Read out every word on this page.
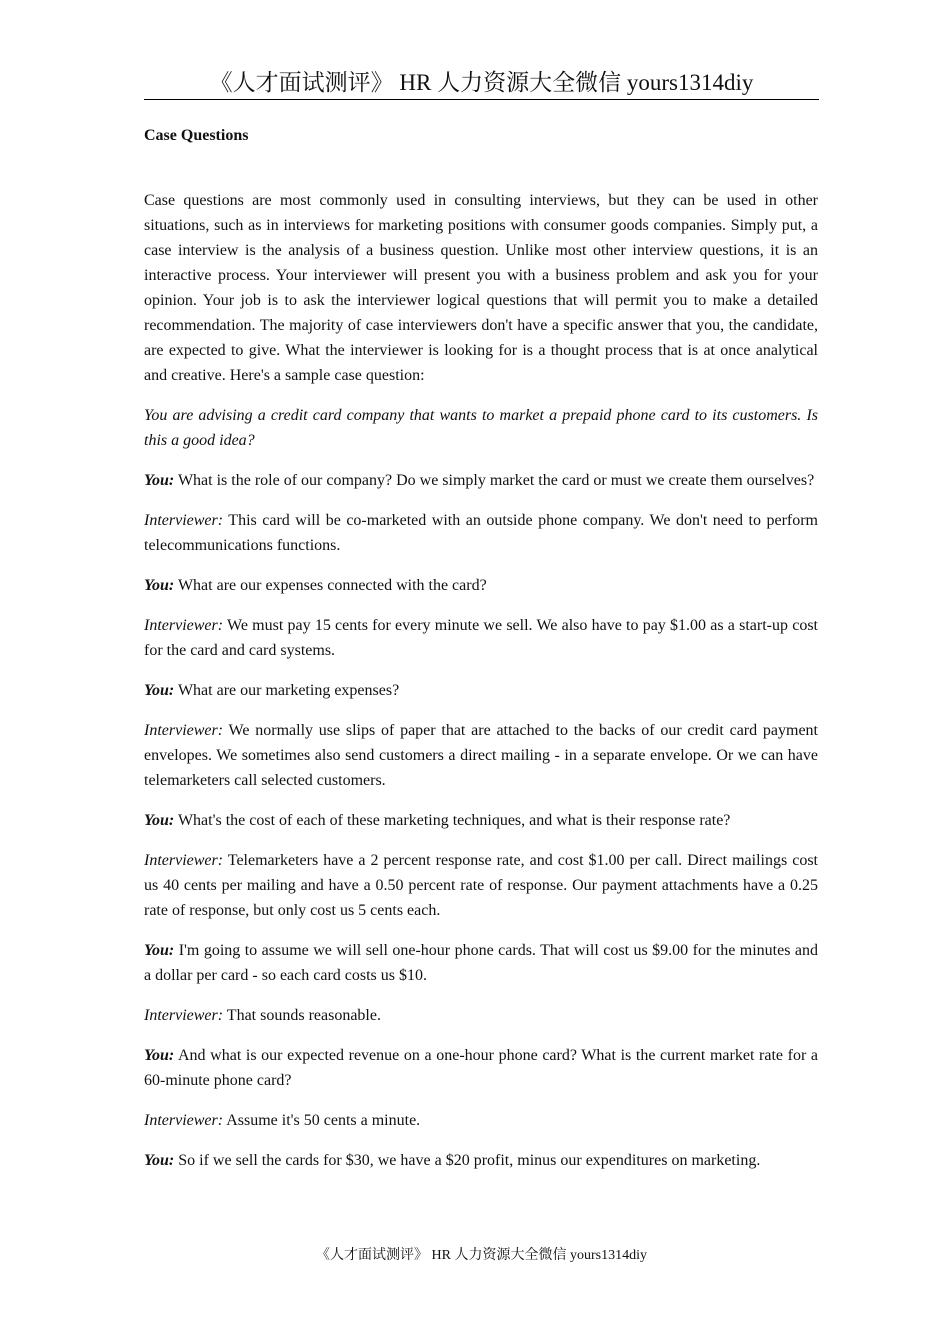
《人才面试测评》 HR 人力资源大全微信 yours1314diy

Case Questions

Case questions are most commonly used in consulting interviews, but they can be used in other situations, such as in interviews for marketing positions with consumer goods companies. Simply put, a case interview is the analysis of a business question. Unlike most other interview questions, it is an interactive process. Your interviewer will present you with a business problem and ask you for your opinion. Your job is to ask the interviewer logical questions that will permit you to make a detailed recommendation. The majority of case interviewers don't have a specific answer that you, the candidate, are expected to give. What the interviewer is looking for is a thought process that is at once analytical and creative. Here's a sample case question:

You are advising a credit card company that wants to market a prepaid phone card to its customers. Is this a good idea?

You: What is the role of our company? Do we simply market the card or must we create them ourselves?

Interviewer: This card will be co-marketed with an outside phone company. We don't need to perform telecommunications functions.

You: What are our expenses connected with the card?

Interviewer: We must pay 15 cents for every minute we sell. We also have to pay $1.00 as a start-up cost for the card and card systems.

You: What are our marketing expenses?

Interviewer: We normally use slips of paper that are attached to the backs of our credit card payment envelopes. We sometimes also send customers a direct mailing - in a separate envelope. Or we can have telemarketers call selected customers.

You: What's the cost of each of these marketing techniques, and what is their response rate?

Interviewer: Telemarketers have a 2 percent response rate, and cost $1.00 per call. Direct mailings cost us 40 cents per mailing and have a 0.50 percent rate of response. Our payment attachments have a 0.25 rate of response, but only cost us 5 cents each.

You: I'm going to assume we will sell one-hour phone cards. That will cost us $9.00 for the minutes and a dollar per card - so each card costs us $10.

Interviewer: That sounds reasonable.

You: And what is our expected revenue on a one-hour phone card? What is the current market rate for a 60-minute phone card?

Interviewer: Assume it's 50 cents a minute.

You: So if we sell the cards for $30, we have a $20 profit, minus our expenditures on marketing.

《人才面试测评》 HR 人力资源大全微信 yours1314diy
